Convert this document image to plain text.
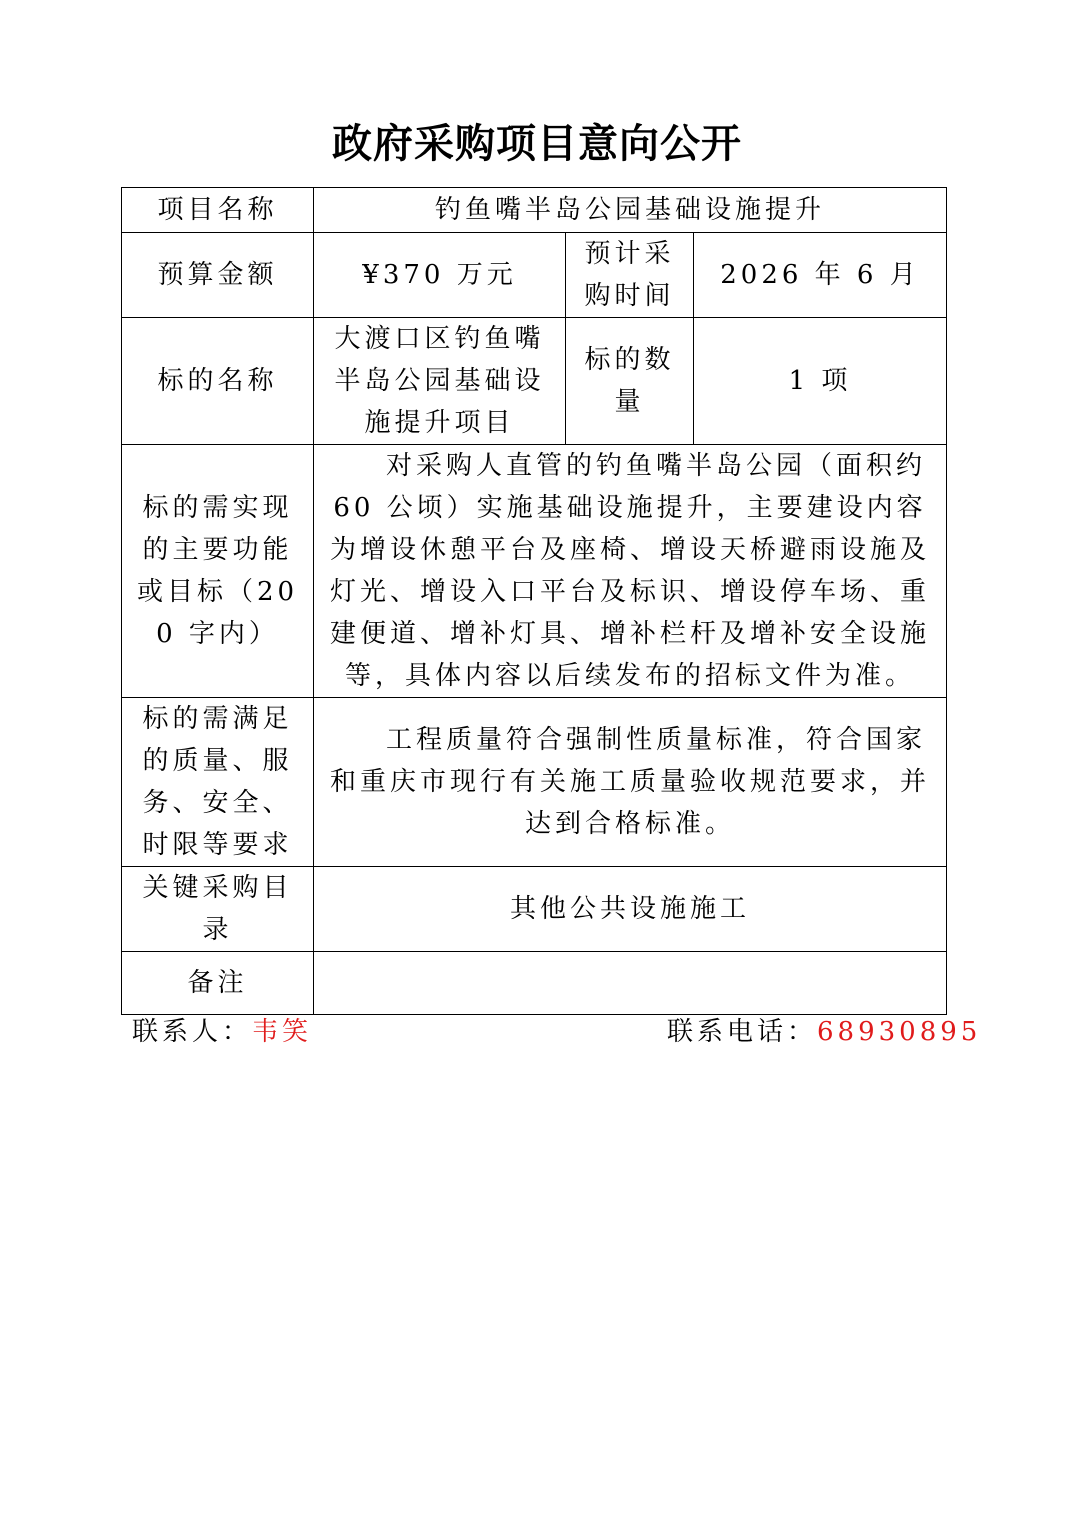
政府采购项目意向公开
项目名称	钓鱼嘴半岛公园基础设施提升		
预算金额	¥370 万元	预计采购时间	2026 年 6 月
标的名称	大渡口区钓鱼嘴半岛公园基础设施提升项目	标的数量	1 项
标的需实现的主要功能或目标（200 字内）	对采购人直管的钓鱼嘴半岛公园（面积约 60 公顷）实施基础设施提升，主要建设内容为增设休憩平台及座椅、增设天桥避雨设施及灯光、增设入口平台及标识、增设停车场、重建便道、增补灯具、增补栏杆及增补安全设施等，具体内容以后续发布的招标文件为准。		

标的需满足的质量、服务、安全、时限等要求	工程质量符合强制性质量标准，符合国家和重庆市现行有关施工质量验收规范要求，并达到合格标准。		

关键采购目录	其他公共设施施工		
备注			
联系人：韦笑	联系电话：68930895
